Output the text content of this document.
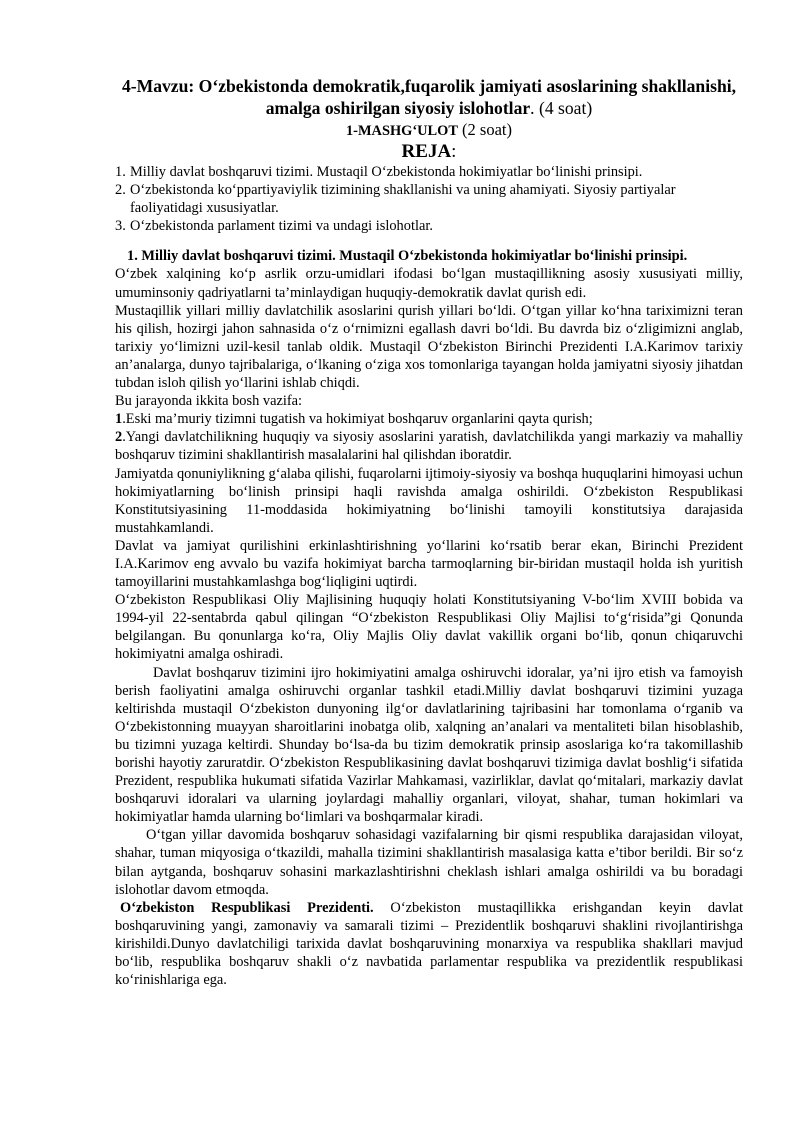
4-Mavzu: O‘zbekistonda demokratik,fuqarolik jamiyati asoslarining shakllanishi, amalga oshirilgan siyosiy islohotlar. (4 soat)
1-MASHG‘ULOT (2 soat)
REJA:
1. Milliy davlat boshqaruvi tizimi. Mustaqil O‘zbekistonda hokimiyatlar bo‘linishi prinsipi.
2. O‘zbekistonda ko‘ppartiyaviylik tizimining shakllanishi va uning ahamiyati. Siyosiy partiyalar faoliyatidagi xususiyatlar.
3. O‘zbekistonda parlament tizimi va undagi islohotlar.

1. Milliy davlat boshqaruvi tizimi. Mustaqil O‘zbekistonda hokimiyatlar bo‘linishi prinsipi.

O‘zbek xalqining ko‘p asrlik orzu-umidlari ifodasi bo‘lgan mustaqillikning asosiy xususiyati milliy, umuminsoniy qadriyatlarni ta’minlaydigan huquqiy-demokratik davlat qurish edi.

Mustaqillik yillari milliy davlatchilik asoslarini qurish yillari bo‘ldi. O‘tgan yillar ko‘hna tariximizni teran his qilish, hozirgi jahon sahnasida o‘z o‘rnimizni egallash davri bo‘ldi. Bu davrda biz o‘zligimizni anglab, tarixiy yo‘limizni uzil-kesil tanlab oldik. Mustaqil O‘zbekiston Birinchi Prezidenti I.A.Karimov tarixiy an’analarga, dunyo tajribalariga, o‘lkaning o‘ziga xos tomonlariga tayangan holda jamiyatni siyosiy jihatdan tubdan isloh qilish yo‘llarini ishlab chiqdi.

Bu jarayonda ikkita bosh vazifa:

1.Eski ma’muriy tizimni tugatish va hokimiyat boshqaruv organlarini qayta qurish;

2.Yangi davlatchilikning huquqiy va siyosiy asoslarini yaratish, davlatchilikda yangi markaziy va mahalliy boshqaruv tizimini shakllantirish masalalarini hal qilishdan iboratdir.

Jamiyatda qonuniylikning g‘alaba qilishi, fuqarolarni ijtimoiy-siyosiy va boshqa huquqlarini himoyasi uchun hokimiyatlarning bo‘linish prinsipi haqli ravishda amalga oshirildi. O‘zbekiston Respublikasi Konstitutsiyasining 11-moddasida hokimiyatning bo‘linishi tamoyili konstitutsiya darajasida mustahkamlandi.

Davlat va jamiyat qurilishini erkinlashtirishning yo‘llarini ko‘rsatib berar ekan, Birinchi Prezident I.A.Karimov eng avvalo bu vazifa hokimiyat barcha tarmoqlarning bir-biridan mustaqil holda ish yuritish tamoyillarini mustahkamlashga bog‘liqligini uqtirdi.

O‘zbekiston Respublikasi Oliy Majlisining huquqiy holati Konstitutsiyaning V-bo‘lim XVIII bobida va 1994-yil 22-sentabrda qabul qilingan “O‘zbekiston Respublikasi Oliy Majlisi to‘g‘risida”gi Qonunda belgilangan. Bu qonunlarga ko‘ra, Oliy Majlis Oliy davlat vakillik organi bo‘lib, qonun chiqaruvchi hokimiyatni amalga oshiradi.

Davlat boshqaruv tizimini ijro hokimiyatini amalga oshiruvchi idoralar, ya’ni ijro etish va famoyish berish faoliyatini amalga oshiruvchi organlar tashkil etadi.Milliy davlat boshqaruvi tizimini yuzaga keltirishda mustaqil O‘zbekiston dunyoning ilg‘or davlatlarining tajribasini har tomonlama o‘rganib va O‘zbekistonning muayyan sharoitlarini inobatga olib, xalqning an’analari va mentaliteti bilan hisoblashib, bu tizimni yuzaga keltirdi. Shunday bo‘lsa-da bu tizim demokratik prinsip asoslariga ko‘ra takomillashib borishi hayotiy zaruratdir. O‘zbekiston Respublikasining davlat boshqaruvi tizimiga davlat boshlig‘i sifatida Prezident, respublika hukumati sifatida Vazirlar Mahkamasi, vazirliklar, davlat qo‘mitalari, markaziy davlat boshqaruvi idoralari va ularning joylardagi mahalliy organlari, viloyat, shahar, tuman hokimlari va hokimiyatlar hamda ularning bo‘limlari va boshqarmalar kiradi.

O‘tgan yillar davomida boshqaruv sohasidagi vazifalarning bir qismi respublika darajasidan viloyat, shahar, tuman miqyosiga o‘tkazildi, mahalla tizimini shakllantirish masalasiga katta e’tibor berildi. Bir so‘z bilan aytganda, boshqaruv sohasini markazlashtirishni cheklash ishlari amalga oshirildi va bu boradagi islohotlar davom etmoqda.

O‘zbekiston Respublikasi Prezidenti. O‘zbekiston mustaqillikka erishgandan keyin davlat boshqaruvining yangi, zamonaviy va samarali tizimi – Prezidentlik boshqaruvi shaklini rivojlantirishga kirishildi.Dunyo davlatchiligi tarixida davlat boshqaruvining monarxiya va respublika shakllari mavjud bo‘lib, respublika boshqaruv shakli o‘z navbatida parlamentar respublika va prezidentlik respublikasi ko‘rinishlariga ega.
